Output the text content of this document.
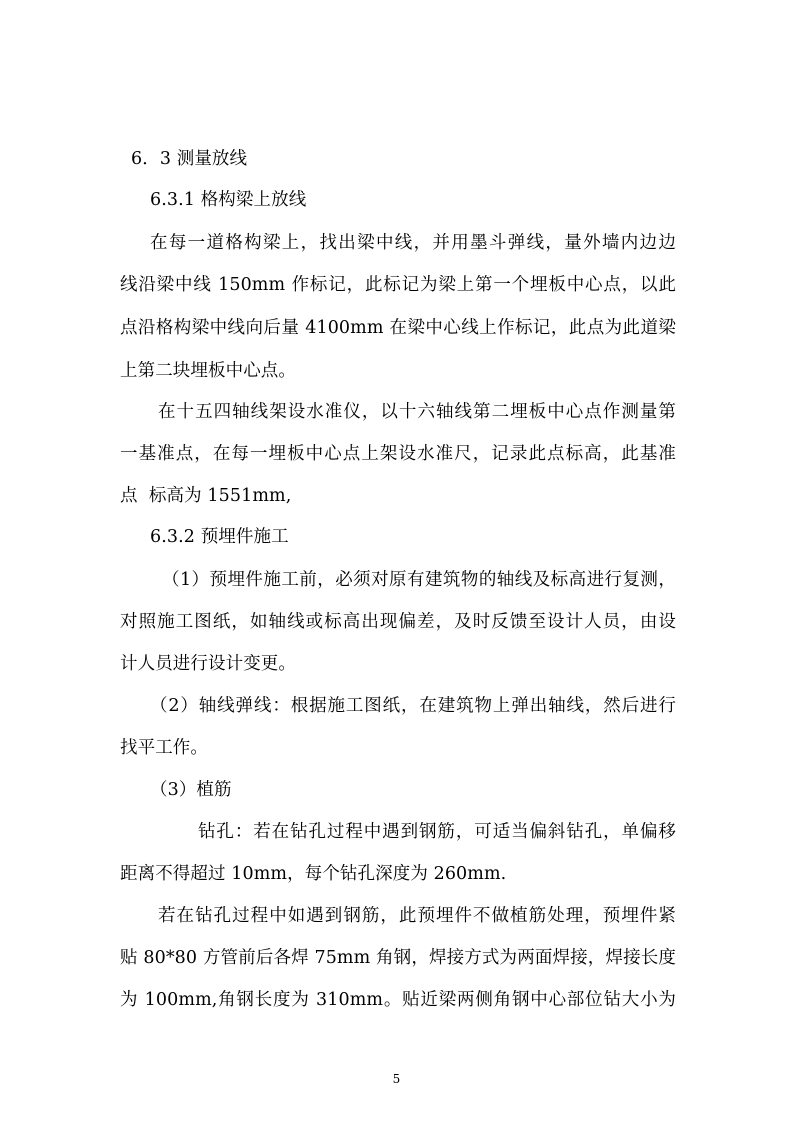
6．3 测量放线
6.3.1 格构梁上放线
在每一道格构梁上，找出梁中线，并用墨斗弹线，量外墙内边边
线沿梁中线 150mm 作标记，此标记为梁上第一个埋板中心点，以此
点沿格构梁中线向后量 4100mm 在梁中心线上作标记，此点为此道梁
上第二块埋板中心点。
在十五四轴线架设水准仪，以十六轴线第二埋板中心点作测量第
一基准点，在每一埋板中心点上架设水准尺，记录此点标高，此基准
点  标高为 1551mm,
6.3.2 预埋件施工
（1）预埋件施工前，必须对原有建筑物的轴线及标高进行复测，
对照施工图纸，如轴线或标高出现偏差，及时反馈至设计人员，由设
计人员进行设计变更。
（2）轴线弹线：根据施工图纸，在建筑物上弹出轴线，然后进行
找平工作。
（3）植筋
钻孔：若在钻孔过程中遇到钢筋，可适当偏斜钻孔，单偏移
距离不得超过 10mm，每个钻孔深度为 260mm.
若在钻孔过程中如遇到钢筋，此预埋件不做植筋处理，预埋件紧
贴 80*80 方管前后各焊 75mm 角钢，焊接方式为两面焊接，焊接长度
为 100mm,角钢长度为 310mm。贴近梁两侧角钢中心部位钻大小为
5
